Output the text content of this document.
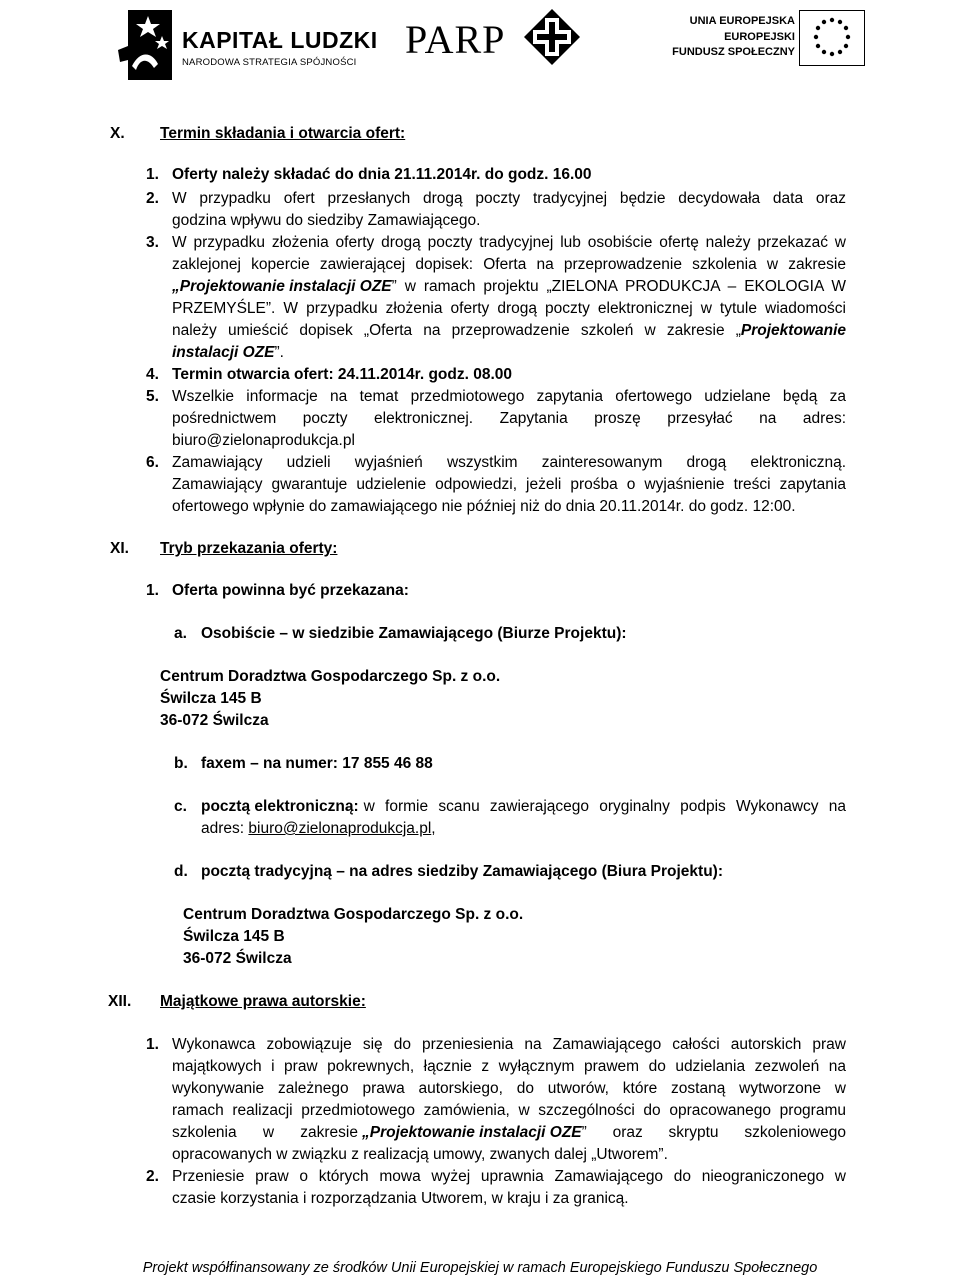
KAPITAŁ LUDZKI
NARODOWA STRATEGIA SPÓJNOŚCI
PARP	UNIA EUROPEJSKA
EUROPEJSKI
FUNDUSZ SPOŁECZNY
X. Termin składania i otwarcia ofert:
1. Oferty należy składać do dnia 21.11.2014r. do godz. 16.00
2. W przypadku ofert przesłanych drogą poczty tradycyjnej będzie decydowała data oraz
godzina wpływu do siedziby Zamawiającego.
3. W przypadku złożenia oferty drogą poczty tradycyjnej lub osobiście ofertę należy przekazać w
zaklejonej kopercie zawierającej dopisek: Oferta na przeprowadzenie szkolenia w zakresie
„Projektowanie instalacji OZE ” w ramach projektu „ZIELONA PRODUKCJA – EKOLOGIA W
PRZEMYŚLE”. W przypadku złożenia oferty drogą poczty elektronicznej w tytule wiadomości
należy umieścić dopisek „Oferta na przeprowadzenie szkoleń w zakresie „ Projektowanie
instalacji OZE”.
4. Termin otwarcia ofert: 24.11.2014r. godz. 08.00
5. Wszelkie informacje na temat przedmiotowego zapytania ofertowego udzielane będą za
pośrednictwem poczty elektronicznej. Zapytania proszę przesyłać na adres:
biuro@zielonaprodukcja.pl
6. Zamawiający udzieli wyjaśnień wszystkim zainteresowanym drogą elektroniczną.
Zamawiający gwarantuje udzielenie odpowiedzi, jeżeli prośba o wyjaśnienie treści zapytania
ofertowego wpłynie do zamawiającego nie później niż do dnia 20.11.2014r. do godz. 12:00.
XI. Tryb przekazania oferty:
1. Oferta powinna być przekazana:
a. Osobiście – w siedzibie Zamawiającego (Biurze Projektu):
Centrum Doradztwa Gospodarczego Sp. z o.o.
Świlcza 145 B
36-072 Świlcza
b. faxem – na numer: 17 855 46 88
c. pocztą elektroniczną: w formie scanu zawierającego oryginalny podpis Wykonawcy na
adres: biuro@zielonaprodukcja.pl,
d. pocztą tradycyjną – na adres siedziby Zamawiającego (Biura Projektu):
Centrum Doradztwa Gospodarczego Sp. z o.o.
Świlcza 145 B
36-072 Świlcza
XII. Majątkowe prawa autorskie:
1. Wykonawca zobowiązuje się do przeniesienia na Zamawiającego całości autorskich praw
majątkowych i praw pokrewnych, łącznie z wyłącznym prawem do udzielania zezwoleń na
wykonywanie zależnego prawa autorskiego, do utworów, które zostaną wytworzone w
ramach realizacji przedmiotowego zamówienia, w szczególności do opracowanego programu
szkolenia w zakresie „Projektowanie instalacji OZE ” oraz skryptu szkoleniowego
opracowanych w związku z realizacją umowy, zwanych dalej „Utworem”.
2. Przeniesie praw o których mowa wyżej uprawnia Zamawiającego do nieograniczonego w
czasie korzystania i rozporządzania Utworem, w kraju i za granicą.
Projekt współfinansowany ze środków Unii Europejskiej w ramach Europejskiego Funduszu Społecznego
